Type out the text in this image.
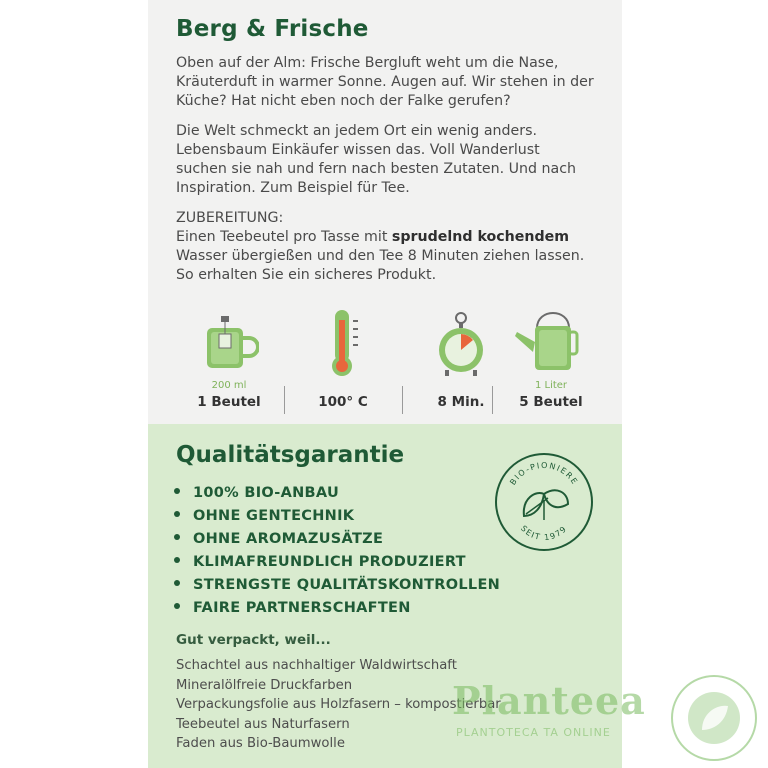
Berg & Frische

Oben auf der Alm: Frische Bergluft weht um die Nase, Kräuterduft in warmer Sonne. Augen auf. Wir stehen in der Küche? Hat nicht eben noch der Falke gerufen?

Die Welt schmeckt an jedem Ort ein wenig anders. Lebensbaum Einkäufer wissen das. Voll Wanderlust suchen sie nah und fern nach besten Zutaten. Und nach Inspiration. Zum Beispiel für Tee.

ZUBEREITUNG:

Einen Teebeutel pro Tasse mit sprudelnd kochendem Wasser übergießen und den Tee 8 Minuten ziehen lassen. So erhalten Sie ein sicheres Produkt.

200 ml
1 Beutel	100° C	8 Min.
1 Liter
5 Beutel
Qualitätsgarantie
100% BIO-ANBAU
OHNE GENTECHNIK
OHNE AROMAZUSÄTZE
KLIMAFREUNDLICH PRODUZIERT
STRENGSTE QUALITÄTSKONTROLLEN
FAIRE PARTNERSCHAFTEN
BIO-PIONIERE
SEIT 1979
Gut verpackt, weil...
Schachtel aus nachhaltiger Waldwirtschaft
Mineralölfreie Druckfarben
Verpackungsfolie aus Holzfasern – kompostierbar
Teebeutel aus Naturfasern
Faden aus Bio-Baumwolle
Planteea
PLANTOTECA TA ONLINE
